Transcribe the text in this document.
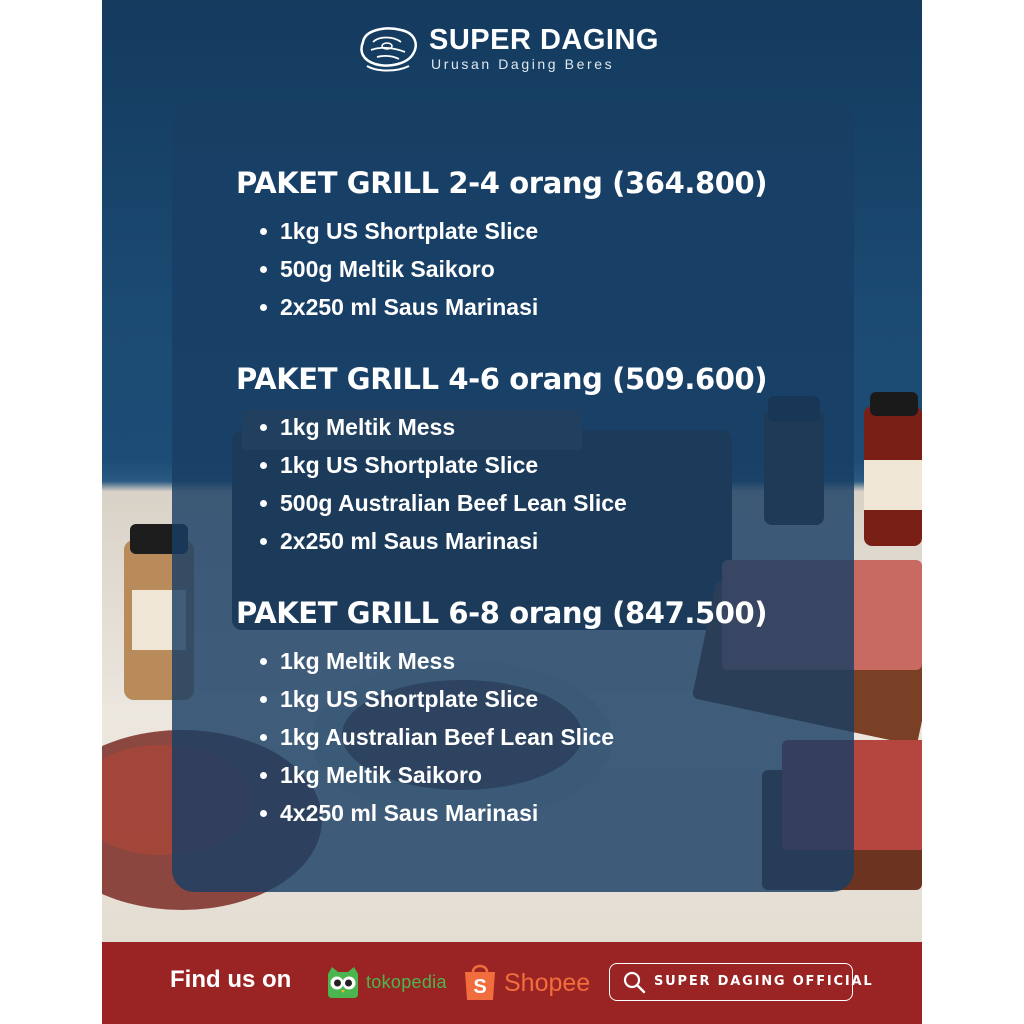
SUPER DAGING
Urusan Daging Beres
PAKET GRILL 2-4 orang (364.800)
1kg US Shortplate Slice
500g Meltik Saikoro
2x250 ml Saus Marinasi
PAKET GRILL 4-6 orang (509.600)
1kg Meltik Mess
1kg US Shortplate Slice
500g Australian Beef Lean Slice
2x250 ml Saus Marinasi
PAKET GRILL 6-8 orang (847.500)
1kg Meltik Mess
1kg US Shortplate Slice
1kg Australian Beef Lean Slice
1kg Meltik Saikoro
4x250 ml Saus Marinasi
Find us on	tokopedia S Shopee	SUPER DAGING OFFICIAL
